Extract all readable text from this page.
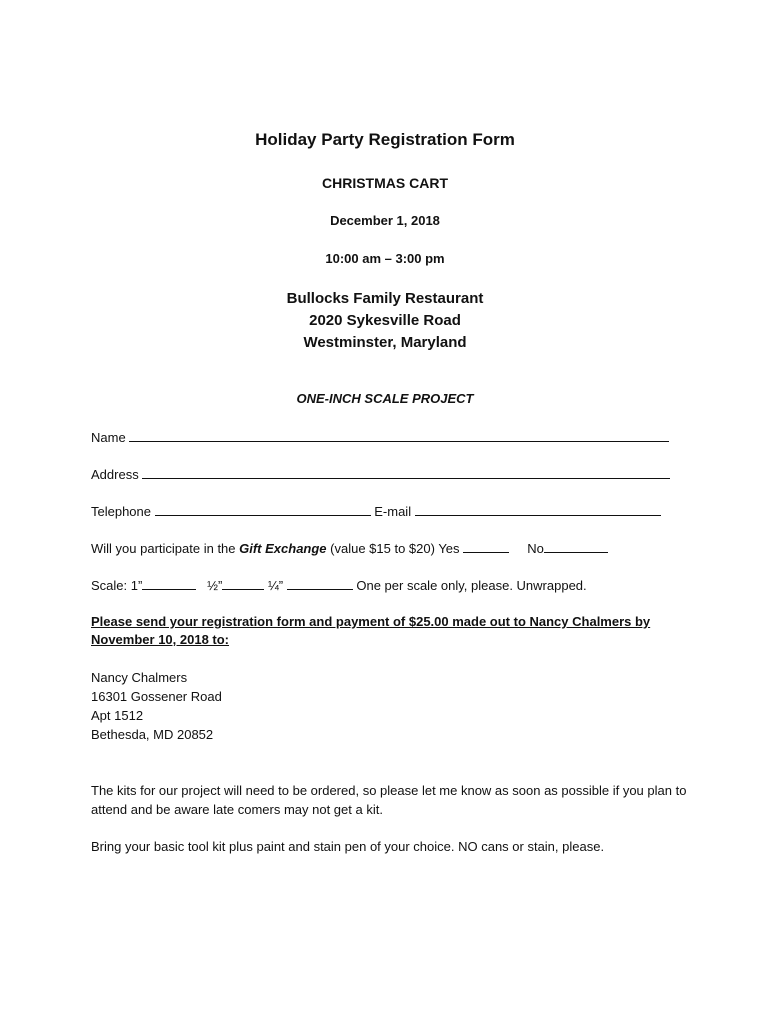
Holiday Party Registration Form
CHRISTMAS CART
December 1, 2018
10:00 am – 3:00 pm
Bullocks Family Restaurant
2020 Sykesville Road
Westminster, Maryland
ONE-INCH SCALE PROJECT
Name
Address
Telephone	E-mail
Will you participate in the Gift Exchange (value $15 to $20) Yes	No
Scale: 1”	½”	¼”	One per scale only, please. Unwrapped.
Please send your registration form and payment of $25.00 made out to Nancy Chalmers by November 10, 2018 to:
Nancy Chalmers
16301 Gossener Road
Apt 1512
Bethesda, MD 20852
The kits for our project will need to be ordered, so please let me know as soon as possible if you plan to attend and be aware late comers may not get a kit.
Bring your basic tool kit plus paint and stain pen of your choice. NO cans or stain, please.
